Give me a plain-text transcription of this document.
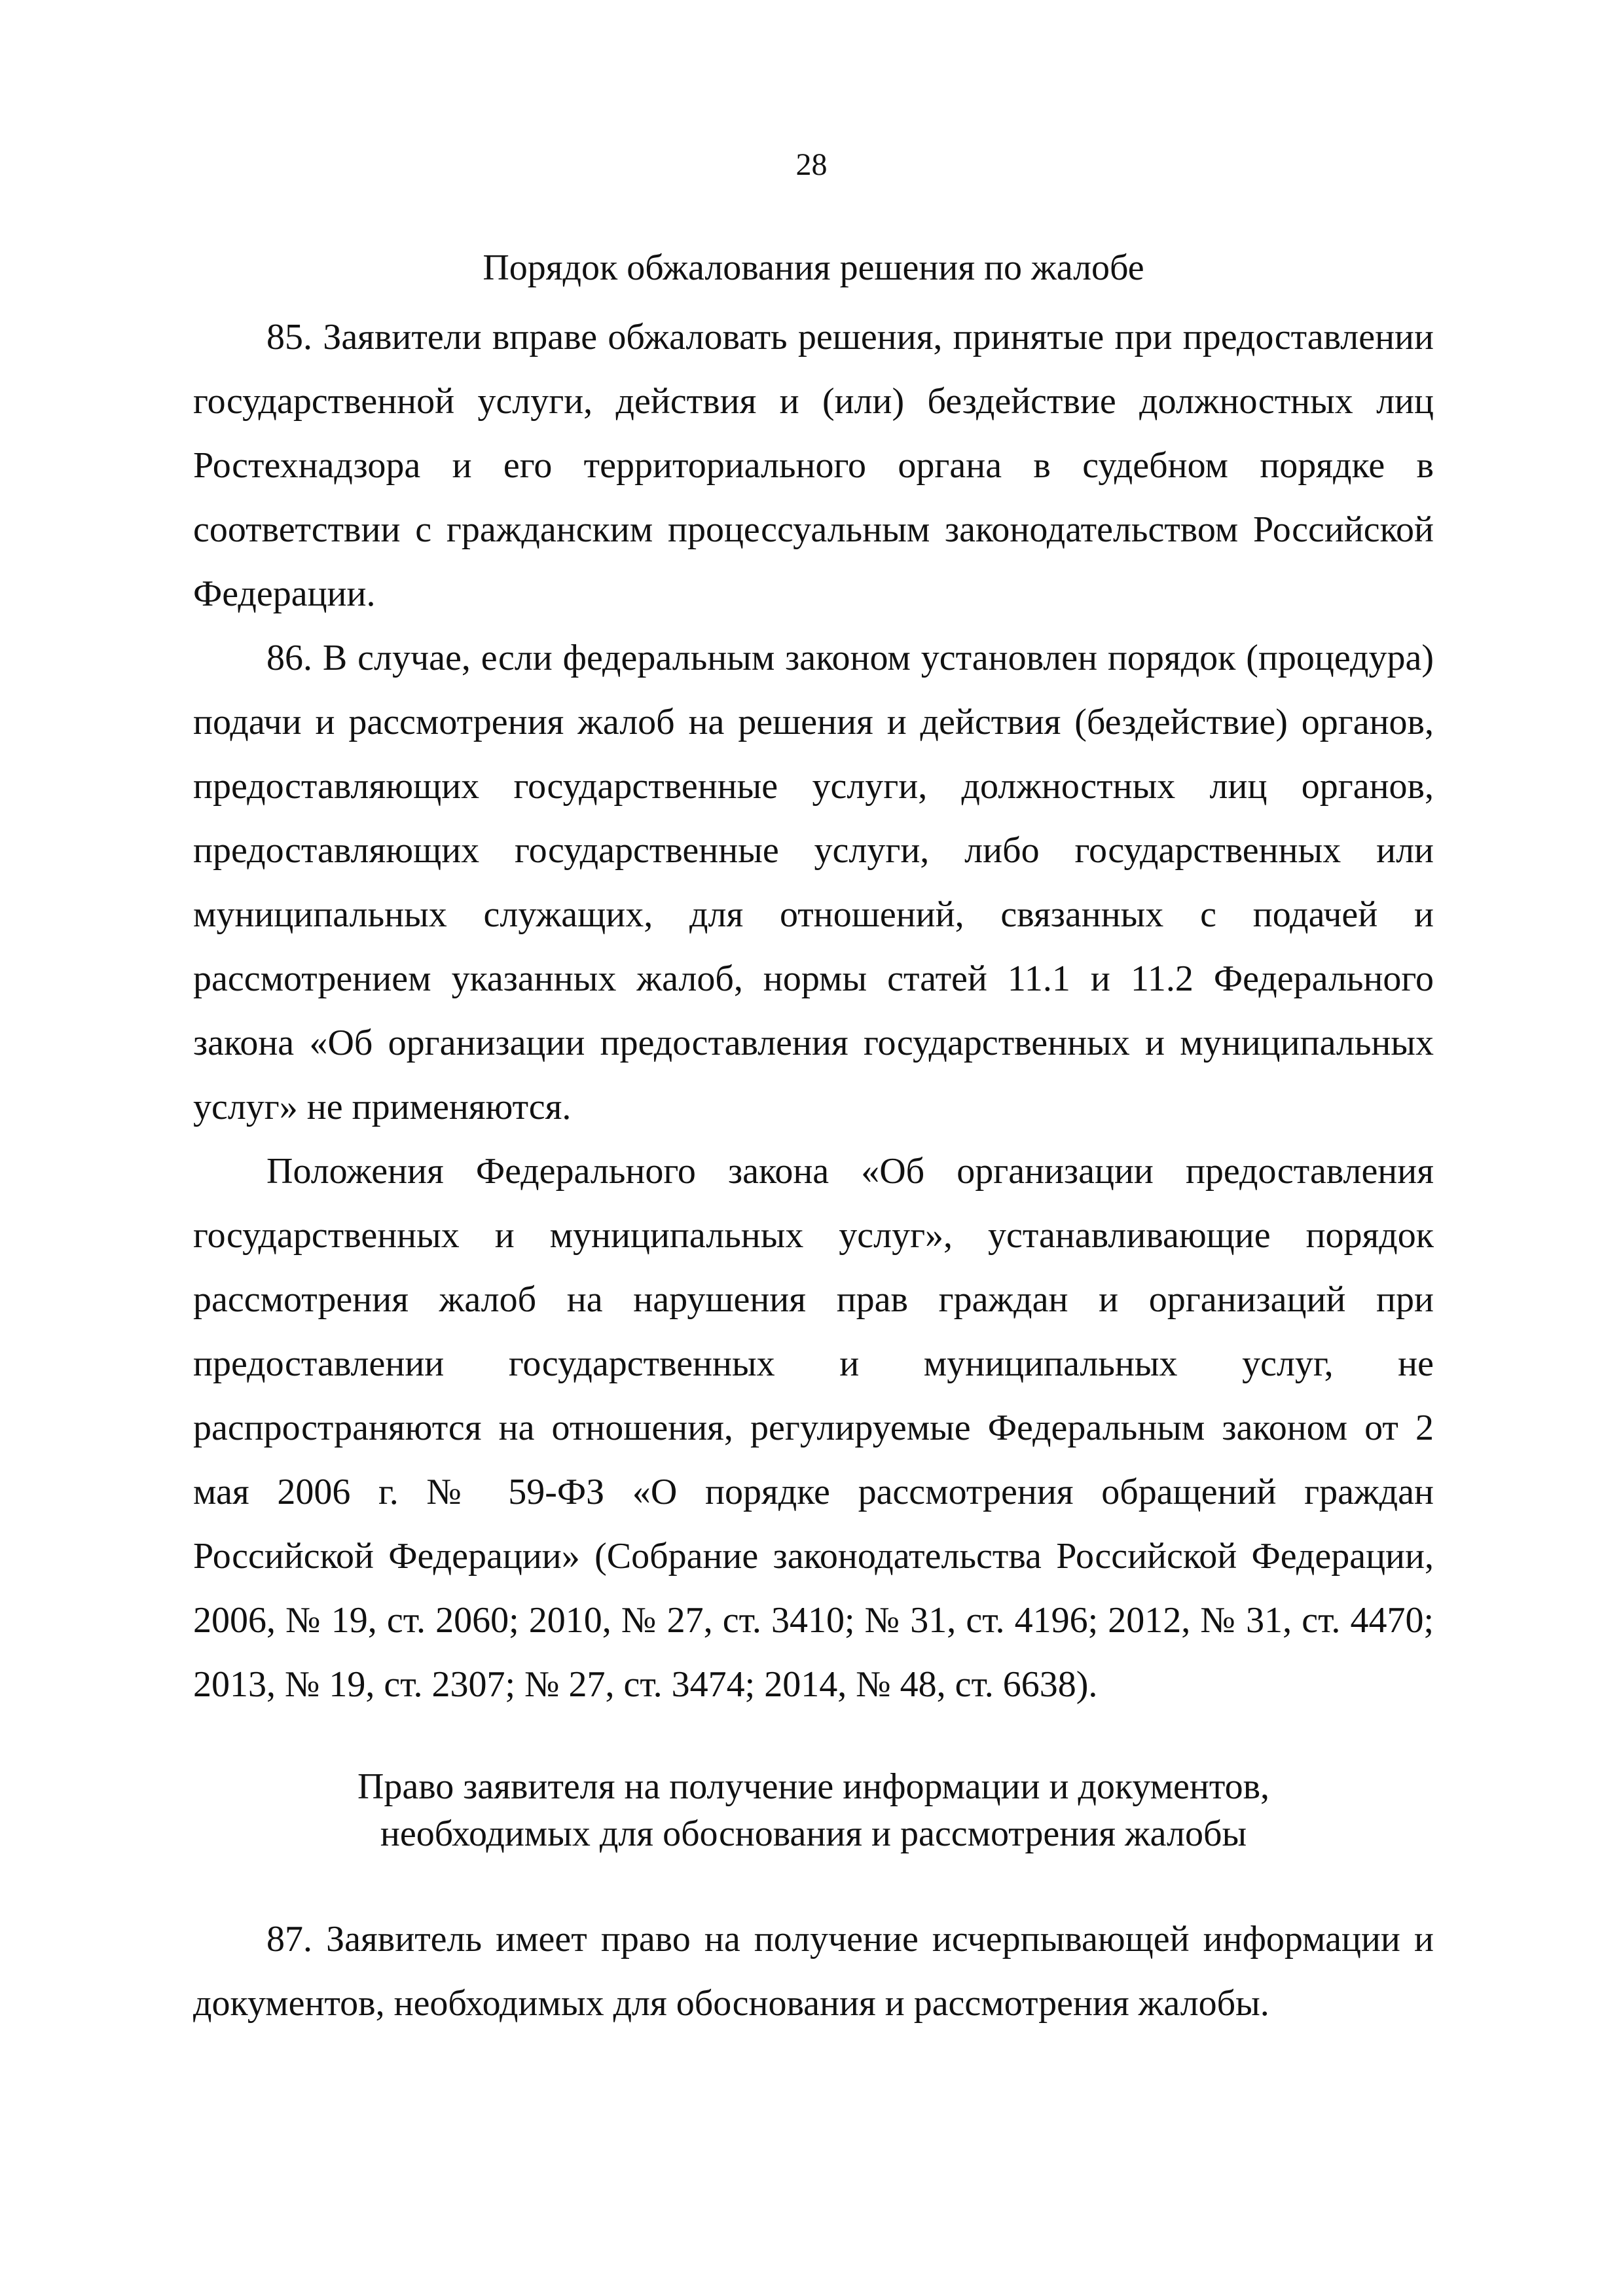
28
Порядок обжалования решения по жалобе

85. Заявители вправе обжаловать решения, принятые при предоставлении государственной услуги, действия и (или) бездействие должностных лиц Ростехнадзора и его территориального органа в судебном порядке в соответствии с гражданским процессуальным законодательством Российской Федерации.

86. В случае, если федеральным законом установлен порядок (процедура) подачи и рассмотрения жалоб на решения и действия (бездействие) органов, предоставляющих государственные услуги, должностных лиц органов, предоставляющих государственные услуги, либо государственных или муниципальных служащих, для отношений, связанных с подачей и рассмотрением указанных жалоб, нормы статей 11.1 и 11.2 Федерального закона «Об организации предоставления государственных и муниципальных услуг» не применяются.

Положения Федерального закона «Об организации предоставления государственных и муниципальных услуг», устанавливающие порядок рассмотрения жалоб на нарушения прав граждан и организаций при предоставлении государственных и муниципальных услуг, не распространяются на отношения, регулируемые Федеральным законом от 2 мая 2006 г. № 59-ФЗ «О порядке рассмотрения обращений граждан Российской Федерации» (Собрание законодательства Российской Федерации, 2006, № 19, ст. 2060; 2010, № 27, ст. 3410; № 31, ст. 4196; 2012, № 31, ст. 4470; 2013, № 19, ст. 2307; № 27, ст. 3474; 2014, № 48, ст. 6638).

Право заявителя на получение информации и документов,
необходимых для обоснования и рассмотрения жалобы

87. Заявитель имеет право на получение исчерпывающей информации и документов, необходимых для обоснования и рассмотрения жалобы.
